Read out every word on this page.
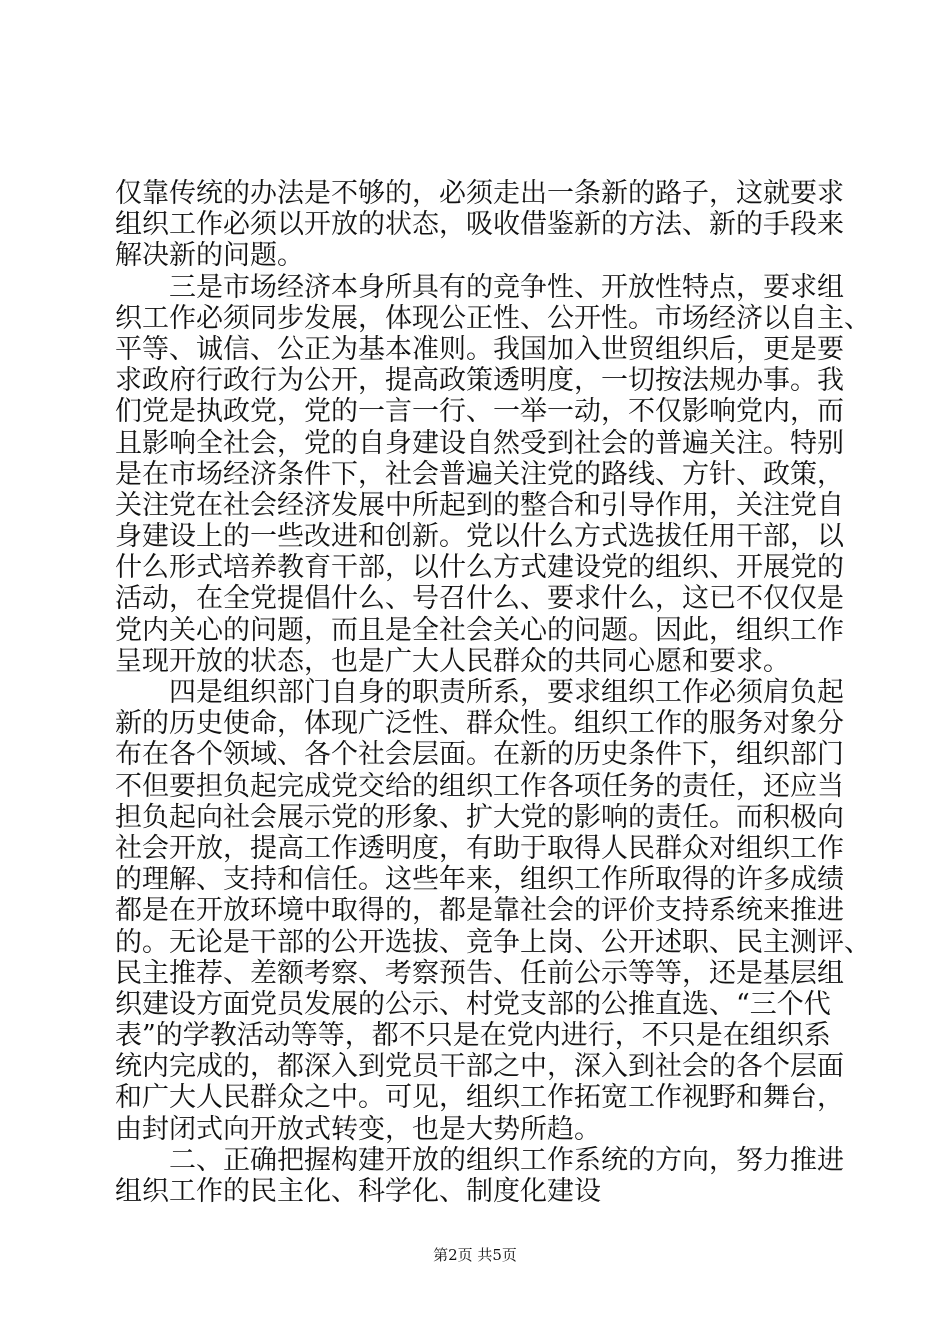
仅靠传统的办法是不够的，必须走出一条新的路子，这就要求
组织工作必须以开放的状态，吸收借鉴新的方法、新的手段来
解决新的问题。
　　三是市场经济本身所具有的竞争性、开放性特点，要求组
织工作必须同步发展，体现公正性、公开性。市场经济以自主、
平等、诚信、公正为基本准则。我国加入世贸组织后，更是要
求政府行政行为公开，提高政策透明度，一切按法规办事。我
们党是执政党，党的一言一行、一举一动，不仅影响党内，而
且影响全社会，党的自身建设自然受到社会的普遍关注。特别
是在市场经济条件下，社会普遍关注党的路线、方针、政策，
关注党在社会经济发展中所起到的整合和引导作用，关注党自
身建设上的一些改进和创新。党以什么方式选拔任用干部，以
什么形式培养教育干部，以什么方式建设党的组织、开展党的
活动，在全党提倡什么、号召什么、要求什么，这已不仅仅是
党内关心的问题，而且是全社会关心的问题。因此，组织工作
呈现开放的状态，也是广大人民群众的共同心愿和要求。
　　四是组织部门自身的职责所系，要求组织工作必须肩负起
新的历史使命，体现广泛性、群众性。组织工作的服务对象分
布在各个领域、各个社会层面。在新的历史条件下，组织部门
不但要担负起完成党交给的组织工作各项任务的责任，还应当
担负起向社会展示党的形象、扩大党的影响的责任。而积极向
社会开放，提高工作透明度，有助于取得人民群众对组织工作
的理解、支持和信任。这些年来，组织工作所取得的许多成绩
都是在开放环境中取得的，都是靠社会的评价支持系统来推进
的。无论是干部的公开选拔、竞争上岗、公开述职、民主测评、
民主推荐、差额考察、考察预告、任前公示等等，还是基层组
织建设方面党员发展的公示、村党支部的公推直选、“三个代
表”的学教活动等等，都不只是在党内进行，不只是在组织系
统内完成的，都深入到党员干部之中，深入到社会的各个层面
和广大人民群众之中。可见，组织工作拓宽工作视野和舞台，
由封闭式向开放式转变，也是大势所趋。
　　二、正确把握构建开放的组织工作系统的方向，努力推进
组织工作的民主化、科学化、制度化建设
第2页 共5页
